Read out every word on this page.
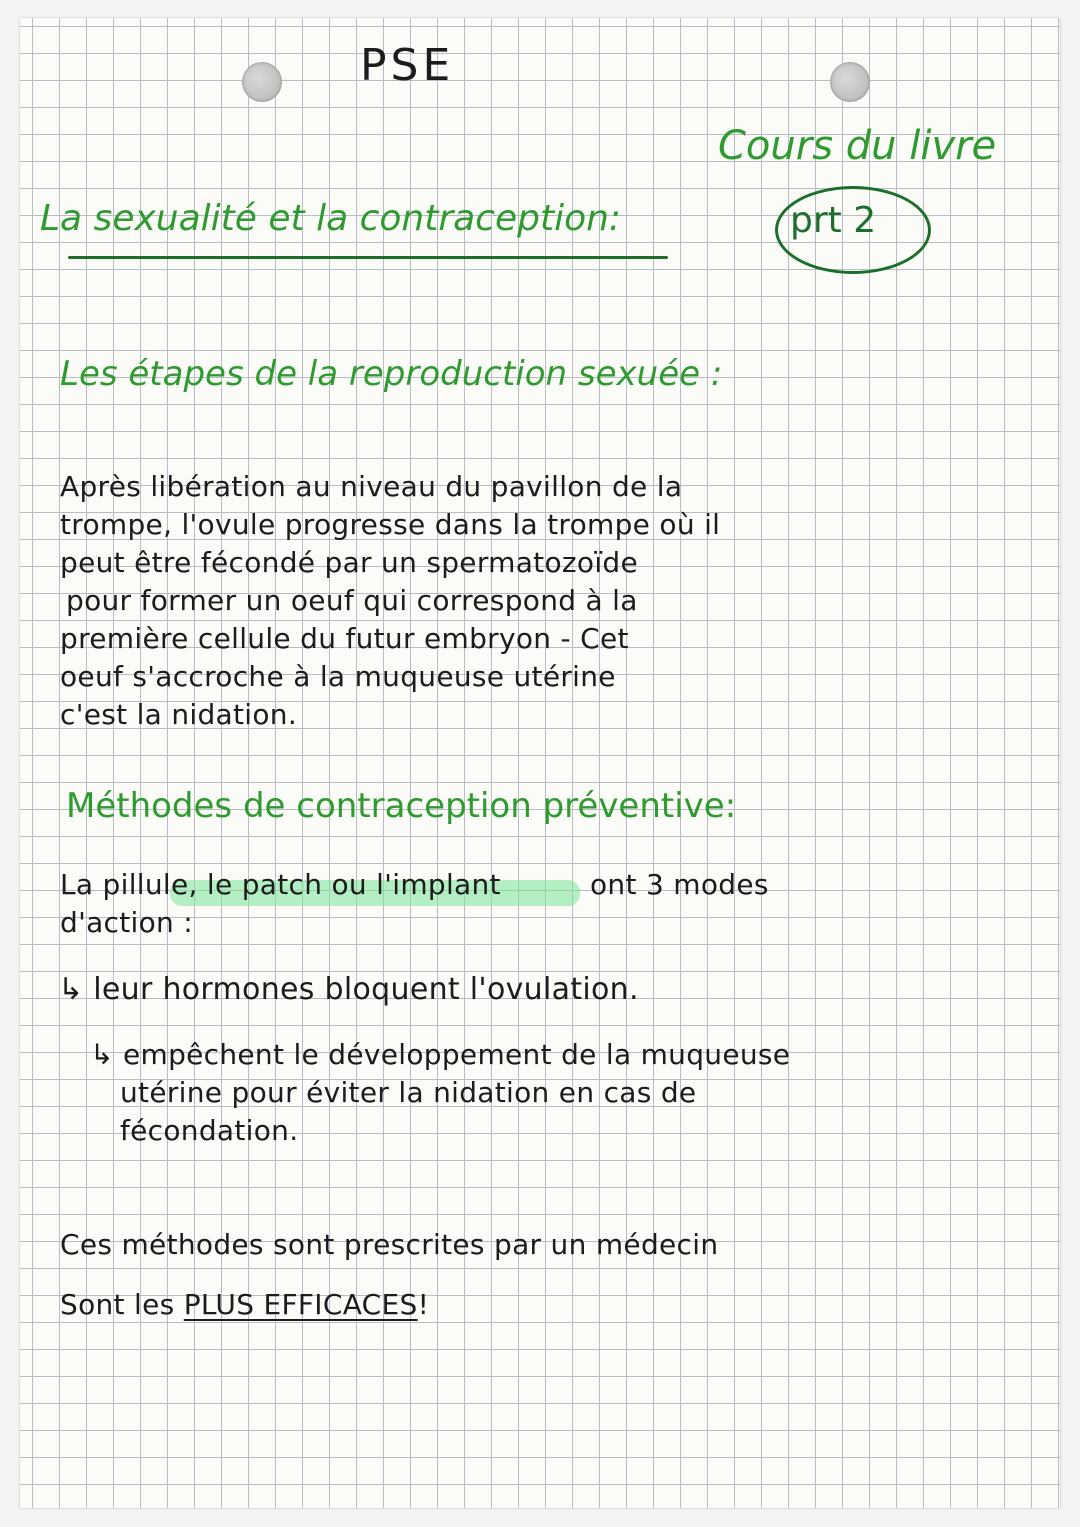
PSE

Cours du livre

La sexualité et la contraception:	prt 2

Les étapes de la reproduction sexuée :

Après libération au niveau du pavillon de la

trompe, l'ovule progresse dans la trompe où il

peut être fécondé par un spermatozoïde

pour former un oeuf qui correspond à la

première cellule du futur embryon - Cet

oeuf s'accroche à la muqueuse utérine

c'est la nidation.

Méthodes de contraception préventive:

La pillule, le patch ou l'implant	ont 3 modes

d'action :

↳ leur hormones bloquent l'ovulation.

↳ empêchent le développement de la muqueuse

utérine pour éviter la nidation en cas de

fécondation.

Ces méthodes sont prescrites par un médecin

Sont les PLUS EFFICACES!
